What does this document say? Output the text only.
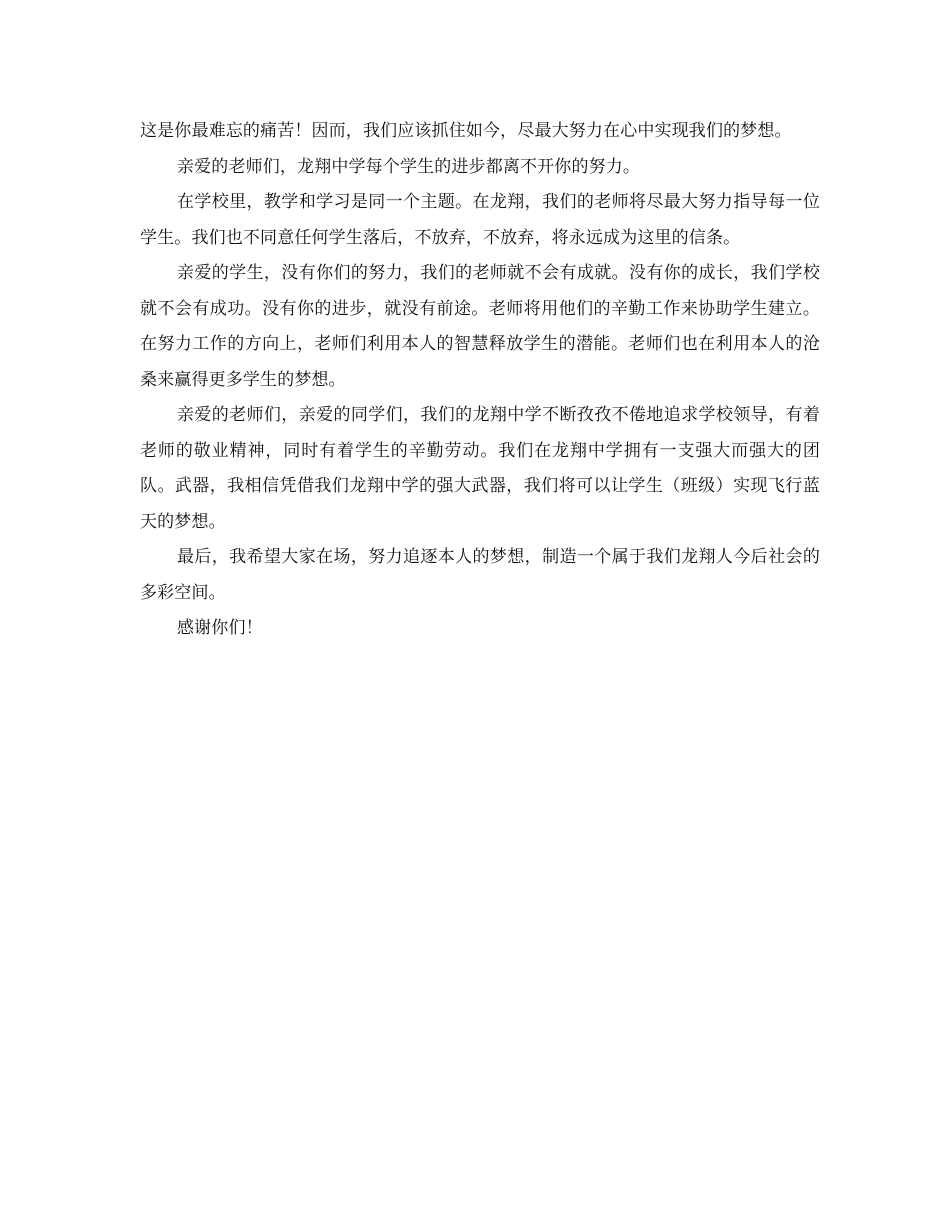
这是你最难忘的痛苦！因而，我们应该抓住如今，尽最大努力在心中实现我们的梦想。

亲爱的老师们，龙翔中学每个学生的进步都离不开你的努力。

在学校里，教学和学习是同一个主题。在龙翔，我们的老师将尽最大努力指导每一位学生。我们也不同意任何学生落后，不放弃，不放弃，将永远成为这里的信条。

亲爱的学生，没有你们的努力，我们的老师就不会有成就。没有你的成长，我们学校就不会有成功。没有你的进步，就没有前途。老师将用他们的辛勤工作来协助学生建立。在努力工作的方向上，老师们利用本人的智慧释放学生的潜能。老师们也在利用本人的沧桑来赢得更多学生的梦想。

亲爱的老师们，亲爱的同学们，我们的龙翔中学不断孜孜不倦地追求学校领导，有着老师的敬业精神，同时有着学生的辛勤劳动。我们在龙翔中学拥有一支强大而强大的团队。武器，我相信凭借我们龙翔中学的强大武器，我们将可以让学生（班级）实现飞行蓝天的梦想。

最后，我希望大家在场，努力追逐本人的梦想，制造一个属于我们龙翔人今后社会的多彩空间。

感谢你们！
